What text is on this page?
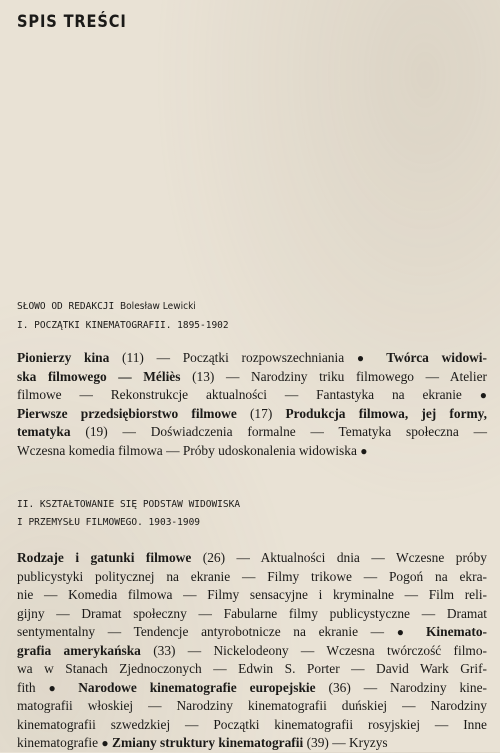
SPIS TREŚCI
SŁOWO OD REDAKCJI Bolesław Lewicki
I. POCZĄTKI KINEMATOGRAFII. 1895-1902
Pionierzy kina (11) — Początki rozpowszechniania ● Twórca widowi-
ska filmowego — Méliès (13) — Narodziny triku filmowego — Atelier
filmowe — Rekonstrukcje aktualności — Fantastyka na ekranie ●
Pierwsze przedsiębiorstwo filmowe (17) Produkcja filmowa, jej formy,
tematyka (19) — Doświadczenia formalne — Tematyka społeczna —
Wczesna komedia filmowa — Próby udoskonalenia widowiska ●
II. KSZTAŁTOWANIE SIĘ PODSTAW WIDOWISKA
I PRZEMYSŁU FILMOWEGO. 1903-1909
Rodzaje i gatunki filmowe (26) — Aktualności dnia — Wczesne próby
publicystyki politycznej na ekranie — Filmy trikowe — Pogoń na ekra-
nie — Komedia filmowa — Filmy sensacyjne i kryminalne — Film reli-
gijny — Dramat społeczny — Fabularne filmy publicystyczne — Dramat
sentymentalny — Tendencje antyrobotnicze na ekranie — ● Kinemato-
grafia amerykańska (33) — Nickelodeony — Wczesna twórczość filmo-
wa w Stanach Zjednoczonych — Edwin S. Porter — David Wark Grif-
fith ● Narodowe kinematografie europejskie (36) — Narodziny kine-
matografii włoskiej — Narodziny kinematografii duńskiej — Narodziny
kinematografii szwedzkiej — Początki kinematografii rosyjskiej — Inne
kinematografie ● Zmiany struktury kinematografii (39) — Kryzys
